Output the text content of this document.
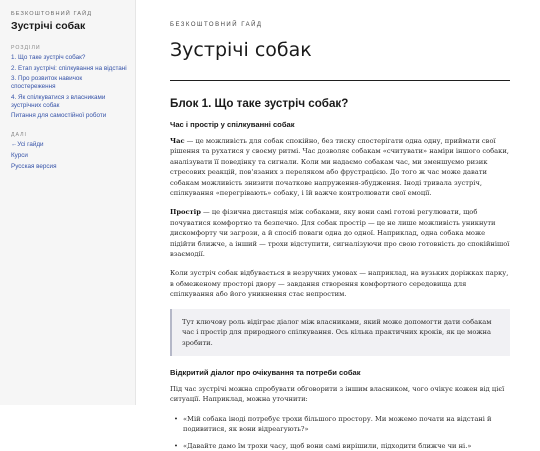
БЕЗКОШТОВНИЙ ГАЙД
Зустрічі собак
РОЗДІЛИ
1. Що таке зустріч собак?
2. Етап зустрічі: спілкування на відстані
3. Про розвиток навичок спостереження
4. Як спілкуватися з власниками зустрічних собак
Питання для самостійної роботи
ДАЛІ
←Усі гайди
Курси
Русская версия
БЕЗКОШТОВНИЙ ГАЙД
Зустрічі собак
Блок 1. Що таке зустріч собак?
Час і простір у спілкуванні собак

Час — це можливість для собак спокійно, без тиску спостерігати одна одну, приймати свої рішення та рухатися у своєму ритмі. Час дозволяє собакам «считувати» наміри іншого собаки, аналізувати її поведінку та сигнали. Коли ми надаємо собакам час, ми зменшуємо ризик стресових реакцій, пов'язаних з переляком або фрустрацією. До того ж час може давати собакам можливість знизити початкове напруження-збудження. Іноді тривала зустріч, спілкування «перегрівають» собаку, і їй важче контролювати свої емоції.

Простір — це фізична дистанція між собаками, яку вони самі готові регулювати, щоб почуватися комфортно та безпечно. Для собак простір — це не лише можливість уникнути дискомфорту чи загрози, а й спосіб поваги одна до одної. Наприклад, одна собака може підійти ближче, а інший — трохи відступити, сигналізуючи про свою готовність до спокійнішої взаємодії.

Коли зустріч собак відбувається в незручних умовах — наприклад, на вузьких доріжках парку, в обмеженому просторі двору — завдання створення комфортного середовища для спілкування або його уникнення стає непростим.

Тут ключову роль відіграє діалог між власниками, який може допомогти дати собакам час і простір для природного спілкування. Ось кілька практичних кроків, як це можна зробити.
Відкритий діалог про очікування та потреби собак

Під час зустрічі можна спробувати обговорити з іншим власником, чого очікує кожен від цієї ситуації. Наприклад, можна уточнити:

• «Мій собака іноді потребує трохи більшого простору. Ми можемо почати на відстані й подивитися, як вони відреагують?»
• «Давайте дамо їм трохи часу, щоб вони самі вирішили, підходити ближче чи ні.»
